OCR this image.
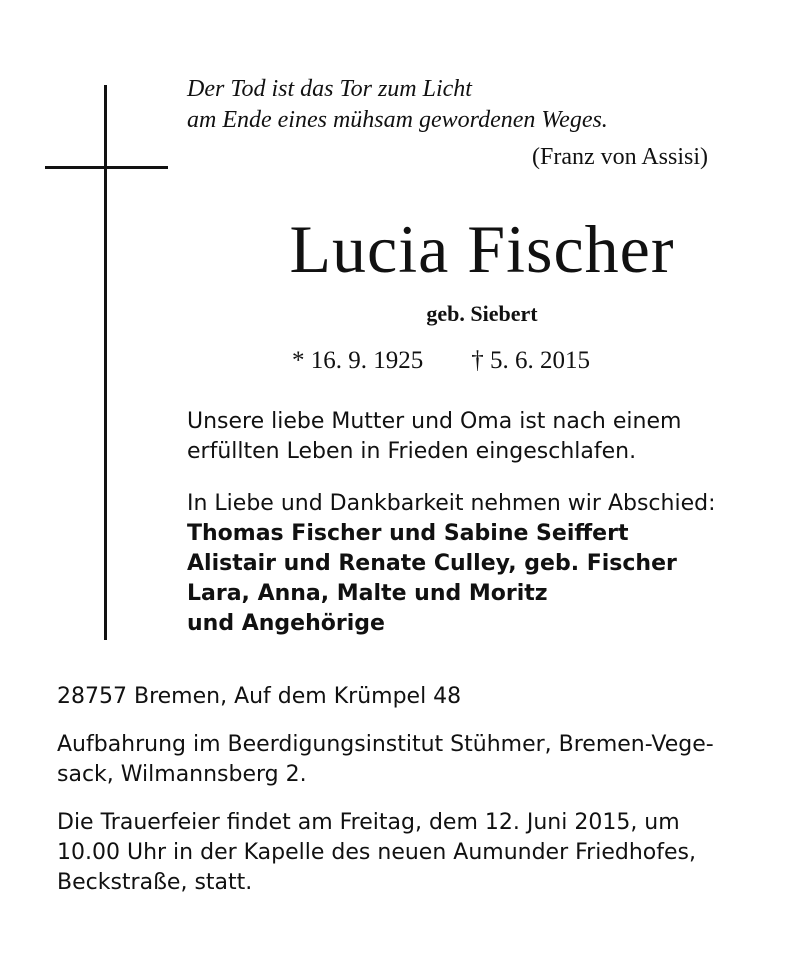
Der Tod ist das Tor zum Licht
am Ende eines mühsam gewordenen Weges.
(Franz von Assisi)
Lucia Fischer
geb. Siebert
* 16. 9. 1925 † 5. 6. 2015
Unsere liebe Mutter und Oma ist nach einem
erfüllten Leben in Frieden eingeschlafen.
In Liebe und Dankbarkeit nehmen wir Abschied:
Thomas Fischer und Sabine Seiffert
Alistair und Renate Culley, geb. Fischer
Lara, Anna, Malte und Moritz
und Angehörige
28757 Bremen, Auf dem Krümpel 48
Aufbahrung im Beerdigungsinstitut Stühmer, Bremen-Vege-
sack, Wilmannsberg 2.
Die Trauerfeier findet am Freitag, dem 12. Juni 2015, um
10.00 Uhr in der Kapelle des neuen Aumunder Friedhofes,
Beckstraße, statt.
